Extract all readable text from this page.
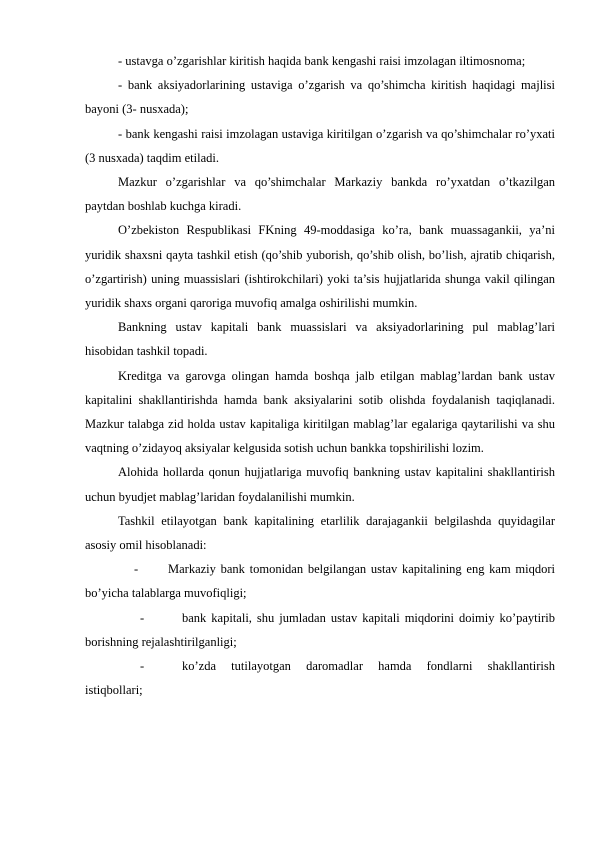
- ustavga o’zgarishlar kiritish haqida bank kengashi raisi imzolagan iltimosnoma;

- bank aksiyadorlarining ustaviga o’zgarish va qo’shimcha kiritish haqidagi majlisi bayoni (3- nusxada);

- bank kengashi raisi imzolagan ustaviga kiritilgan o’zgarish va qo’shimchalar ro’yxati (3 nusxada) taqdim etiladi.

Mazkur o’zgarishlar va qo’shimchalar Markaziy bankda ro’yxatdan o’tkazilgan paytdan boshlab kuchga kiradi.

O’zbekiston Respublikasi FKning 49-moddasiga ko’ra, bank muassagankii, ya’ni yuridik shaxsni qayta tashkil etish (qo’shib yuborish, qo’shib olish, bo’lish, ajratib chiqarish, o’zgartirish) uning muassislari (ishtirokchilari) yoki ta’sis hujjatlarida shunga vakil qilingan yuridik shaxs organi qaroriga muvofiq amalga oshirilishi mumkin.

Bankning ustav kapitali bank muassislari va aksiyadorlarining pul mablag’lari hisobidan tashkil topadi.

Kreditga va garovga olingan hamda boshqa jalb etilgan mablag’lardan bank ustav kapitalini shakllantirishda hamda bank aksiyalarini sotib olishda foydalanish taqiqlanadi. Mazkur talabga zid holda ustav kapitaliga kiritilgan mablag’lar egalariga qaytarilishi va shu vaqtning o’zidayoq aksiyalar kelgusida sotish uchun bankka topshirilishi lozim.

Alohida hollarda qonun hujjatlariga muvofiq bankning ustav kapitalini shakllantirish uchun byudjet mablag’laridan foydalanilishi mumkin.

Tashkil etilayotgan bank kapitalining etarlilik darajagankii belgilashda quyidagilar asosiy omil hisoblanadi:

- Markaziy bank tomonidan belgilangan ustav kapitalining eng kam miqdori bo’yicha talablarga muvofiqligi;

-	bank kapitali, shu jumladan ustav kapitali miqdorini doimiy ko’paytirib borishning rejalashtirilganligi;

-	ko’zda tutilayotgan daromadlar hamda fondlarni shakllantirish istiqbollari;
